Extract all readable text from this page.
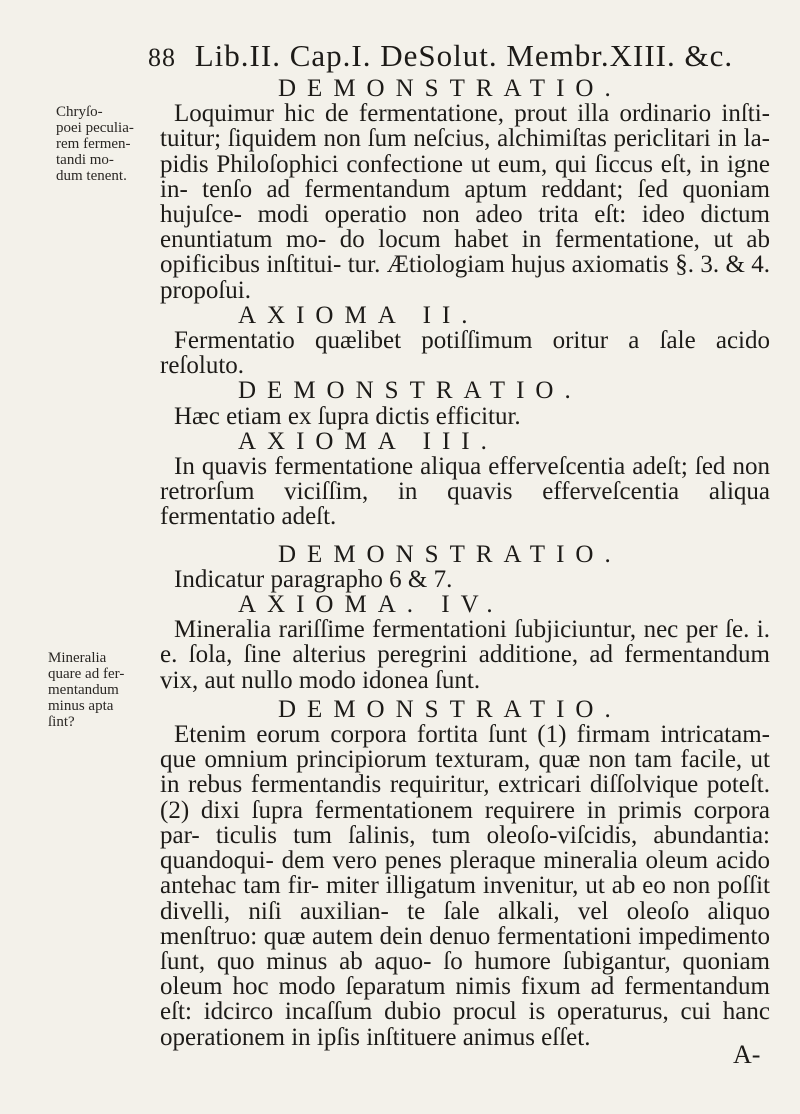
88 Lib.II. Cap.I. DeSolut. Membr.XIII. &c.
Chryſo-
poei peculia-
rem fermen-
tandi mo-
dum tenent.
Mineralia
quare ad fer-
mentandum
minus apta
ſint?
DEMONSTRATIO.

Loquimur hic de fermentatione, prout illa ordinario inſti- tuitur; ſiquidem non ſum neſcius, alchimiſtas periclitari in la- pidis Philoſophici confectione ut eum, qui ſiccus eſt, in igne in- tenſo ad fermentandum aptum reddant; ſed quoniam hujuſce- modi operatio non adeo trita eſt: ideo dictum enuntiatum mo- do locum habet in fermentatione, ut ab opificibus inſtitui- tur. Ætiologiam hujus axiomatis §. 3. & 4. propoſui.

AXIOMA II.

Fermentatio quælibet potiſſimum oritur a ſale acido reſoluto.

DEMONSTRATIO.

Hæc etiam ex ſupra dictis efficitur.

AXIOMA III.

In quavis fermentatione aliqua efferveſcentia adeſt; ſed non retrorſum viciſſim, in quavis efferveſcentia aliqua fermentatio adeſt.

DEMONSTRATIO.

Indicatur paragrapho 6 & 7.

AXIOMA. IV.

Mineralia rariſſime fermentationi ſubjiciuntur, nec per ſe. i. e. ſola, ſine alterius peregrini additione, ad fermentandum vix, aut nullo modo idonea ſunt.

DEMONSTRATIO.

Etenim eorum corpora fortita ſunt (1) firmam intricatam- que omnium principiorum texturam, quæ non tam facile, ut in rebus fermentandis requiritur, extricari diſſolvique poteſt. (2) dixi ſupra fermentationem requirere in primis corpora par- ticulis tum ſalinis, tum oleoſo-viſcidis, abundantia: quandoqui- dem vero penes pleraque mineralia oleum acido antehac tam fir- miter illigatum invenitur, ut ab eo non poſſit divelli, niſi auxilian- te ſale alkali, vel oleoſo aliquo menſtruo: quæ autem dein denuo fermentationi impedimento ſunt, quo minus ab aquo- ſo humore ſubigantur, quoniam oleum hoc modo ſeparatum nimis fixum ad fermentandum eſt: idcirco incaſſum dubio procul is operaturus, cui hanc operationem in ipſis inſtituere animus eſſet.

A-
